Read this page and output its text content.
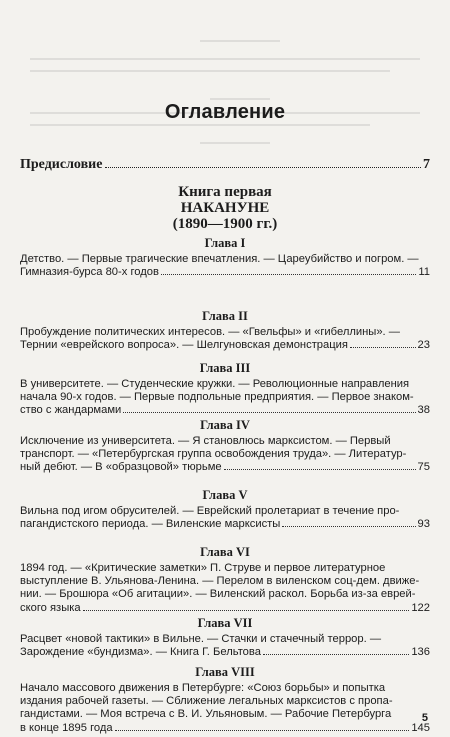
Оглавление
Предисловие	7
Книга первая
НАКАНУНЕ
(1890—1900 гг.)
Глава I
Детство. — Первые трагические впечатления. — Цареубийство и погром. —
Гимназия-бурса 80-х годов	11
Глава II
Пробуждение политических интересов. — «Гвельфы» и «гибеллины». —
Тернии «еврейского вопроса». — Шелгуновская демонстрация	23
Глава III
В университете. — Студенческие кружки. — Революционные направления
начала 90-х годов. — Первые подпольные предприятия. — Первое знаком-
ство с жандармами	38
Глава IV
Исключение из университета. — Я становлюсь марксистом. — Первый
транспорт. — «Петербургская группа освобождения труда». — Литератур-
ный дебют. — В «образцовой» тюрьме	75
Глава V
Вильна под игом обрусителей. — Еврейский пролетариат в течение про-
пагандистского периода. — Виленские марксисты	93
Глава VI
1894 год. — «Критические заметки» П. Струве и первое литературное
выступление В. Ульянова-Ленина. — Перелом в виленском соц-дем. движе-
нии. — Брошюра «Об агитации». — Виленский раскол. Борьба из-за евреи̌-
ского языка	122
Глава VII
Расцвет «новой тактики» в Вильне. — Стачки и стачечный террор. —
Зарождение «бундизма». — Книга Г. Бельтова	136
Глава VIII
Начало массового движения в Петербурге: «Союз борьбы» и попытка
издания рабочей газеты. — Сближение легальных марксистов с пропа-
гандистами. — Моя встреча с В. И. Ульяновым. — Рабочие Петербурга
в конце 1895 года	145
5
